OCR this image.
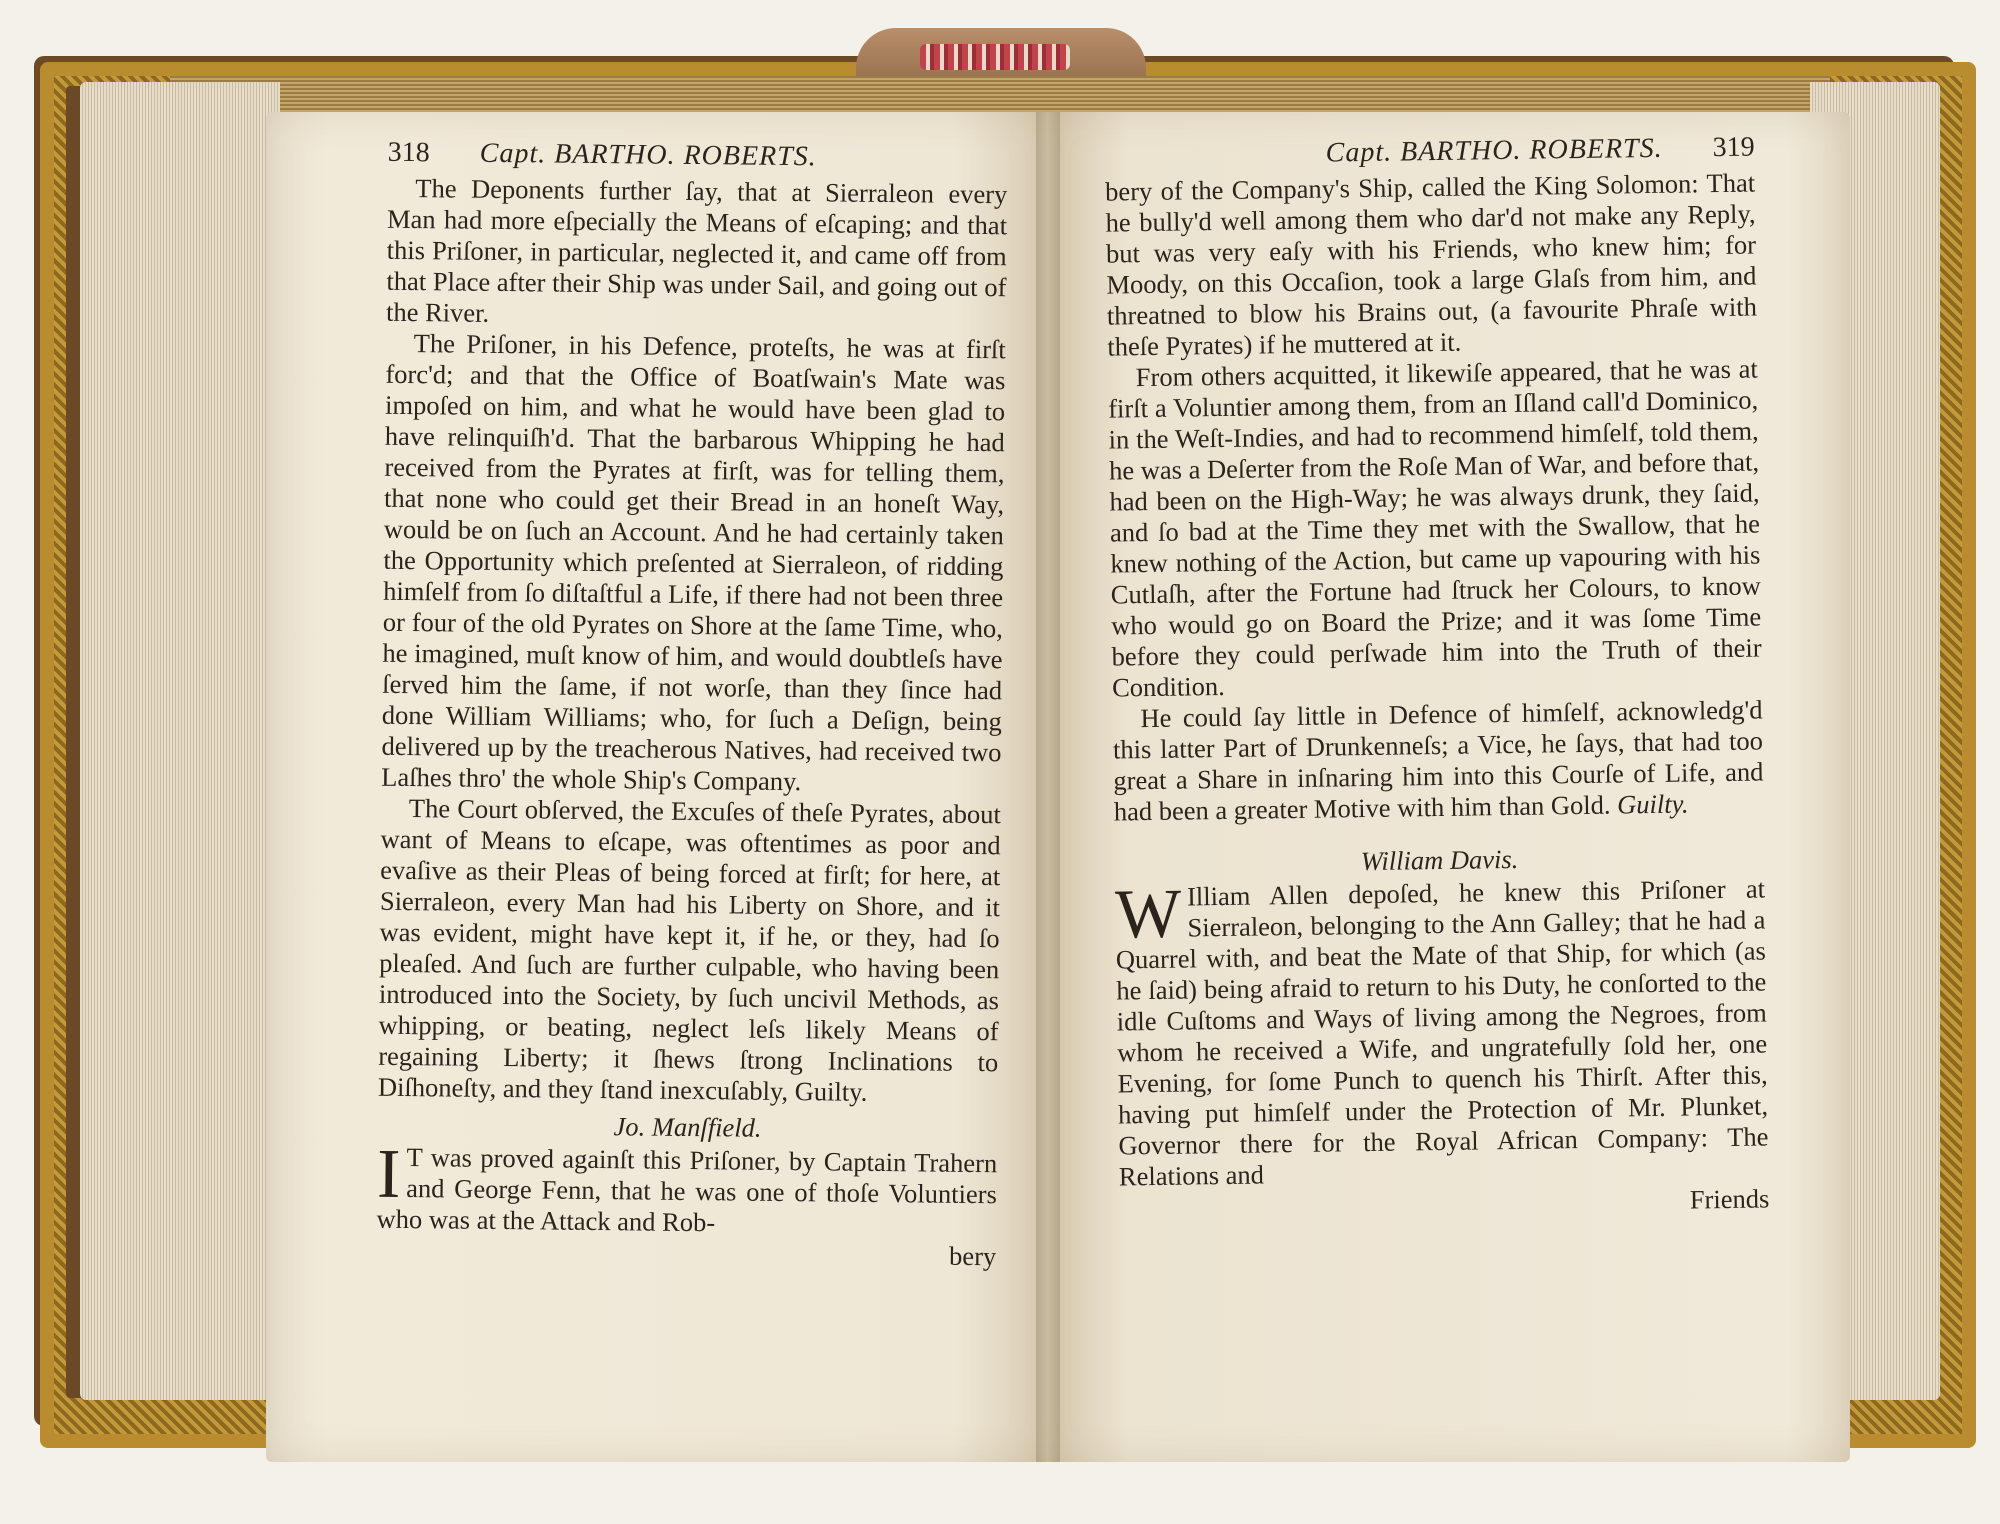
318 Capt. BARTHO. ROBERTS.

The Deponents further ſay, that at Sierraleon every Man had more eſpecially the Means of eſcaping; and that this Priſoner, in particular, neglected it, and came off from that Place after their Ship was under Sail, and going out of the River.

The Priſoner, in his Defence, proteſts, he was at firſt forc'd; and that the Office of Boatſwain's Mate was impoſed on him, and what he would have been glad to have relinquiſh'd. That the barbarous Whipping he had received from the Pyrates at firſt, was for telling them, that none who could get their Bread in an honeſt Way, would be on ſuch an Account. And he had certainly taken the Opportunity which preſented at Sierraleon, of ridding himſelf from ſo diſtaſtful a Life, if there had not been three or four of the old Pyrates on Shore at the ſame Time, who, he imagined, muſt know of him, and would doubtleſs have ſerved him the ſame, if not worſe, than they ſince had done William Williams; who, for ſuch a Deſign, being delivered up by the treacherous Natives, had received two Laſhes thro' the whole Ship's Company.

The Court obſerved, the Excuſes of theſe Pyrates, about want of Means to eſcape, was oftentimes as poor and evaſive as their Pleas of being forced at firſt; for here, at Sierraleon, every Man had his Liberty on Shore, and it was evident, might have kept it, if he, or they, had ſo pleaſed. And ſuch are further culpable, who having been introduced into the Society, by ſuch uncivil Methods, as whipping, or beating, neglect leſs likely Means of regaining Liberty; it ſhews ſtrong Inclinations to Diſhoneſty, and they ſtand inexcuſably, Guilty.

Jo. Manſfield.

I T was proved againſt this Priſoner, by Captain Trahern and George Fenn, that he was one of thoſe Voluntiers who was at the Attack and Rob-

bery
Capt. BARTHO. ROBERTS. 319

bery of the Company's Ship, called the King Solomon: That he bully'd well among them who dar'd not make any Reply, but was very eaſy with his Friends, who knew him; for Moody, on this Occaſion, took a large Glaſs from him, and threatned to blow his Brains out, (a favourite Phraſe with theſe Pyrates) if he muttered at it.

From others acquitted, it likewiſe appeared, that he was at firſt a Voluntier among them, from an Iſland call'd Dominico, in the Weſt-Indies, and had to recommend himſelf, told them, he was a Deſerter from the Roſe Man of War, and before that, had been on the High-Way; he was always drunk, they ſaid, and ſo bad at the Time they met with the Swallow, that he knew nothing of the Action, but came up vapouring with his Cutlaſh, after the Fortune had ſtruck her Colours, to know who would go on Board the Prize; and it was ſome Time before they could perſwade him into the Truth of their Condition.

He could ſay little in Defence of himſelf, acknowledg'd this latter Part of Drunkenneſs; a Vice, he ſays, that had too great a Share in inſnaring him into this Courſe of Life, and had been a greater Motive with him than Gold. Guilty.

William Davis.

W Illiam Allen depoſed, he knew this Priſoner at Sierraleon, belonging to the Ann Galley; that he had a Quarrel with, and beat the Mate of that Ship, for which (as he ſaid) being afraid to return to his Duty, he conſorted to the idle Cuſtoms and Ways of living among the Negroes, from whom he received a Wife, and ungratefully ſold her, one Evening, for ſome Punch to quench his Thirſt. After this, having put himſelf under the Protection of Mr. Plunket, Governor there for the Royal African Company: The Relations and

Friends
